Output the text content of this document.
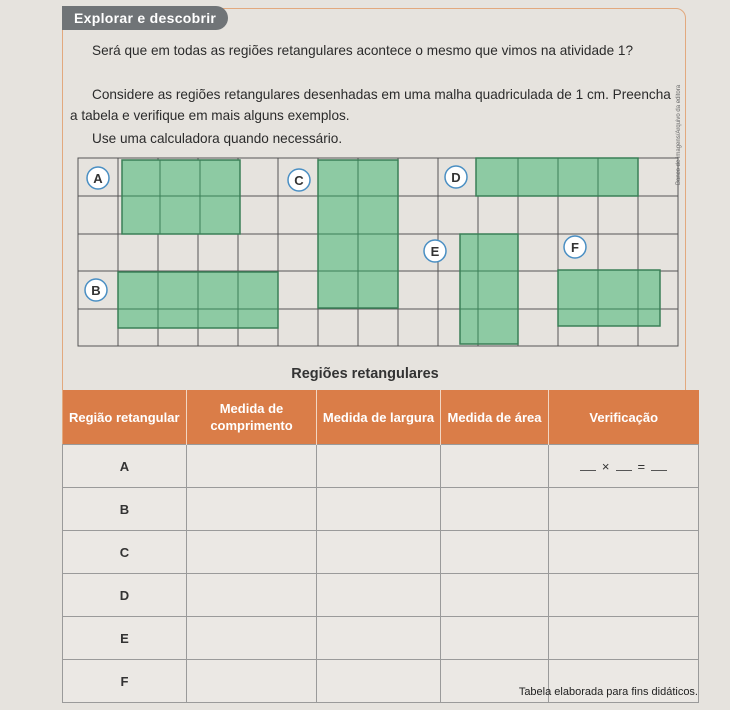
Explorar e descobrir
Será que em todas as regiões retangulares acontece o mesmo que vimos na atividade 1?
Considere as regiões retangulares desenhadas em uma malha quadriculada de 1 cm. Preencha a tabela e verifique em mais alguns exemplos.
Use uma calculadora quando necessário.
A
B
C	D
E	F
Banco de imagens/Arquivo da editora
Regiões retangulares
Região retangular	Medida de comprimento	Medida de largura	Medida de área	Verificação
A				× =
B				
C				
D				
E				
F				
Tabela elaborada para fins didáticos.
